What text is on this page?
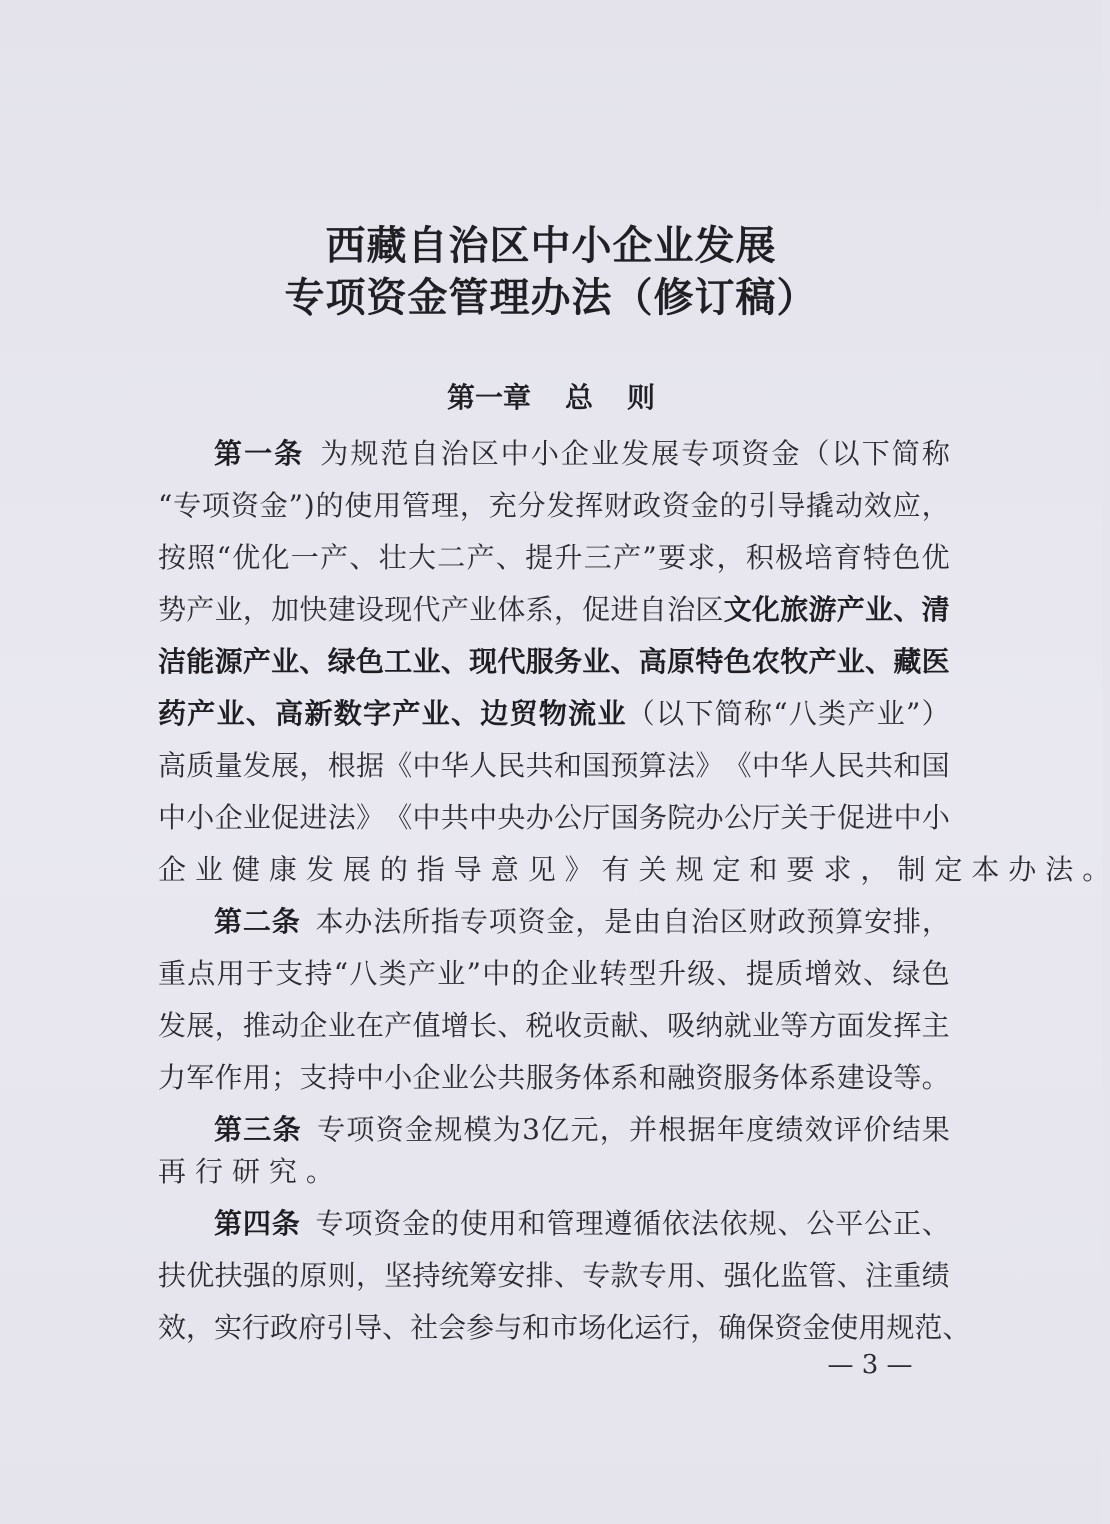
西藏自治区中小企业发展
专项资金管理办法（修订稿）
第一章 总 则
第 一 条 为 规 范 自 治 区 中 小 企 业 发 展 专 项 资 金 （ 以 下 简 称
“ 专 项 资 金 ” ) 的 使 用 管 理 ， 充 分 发 挥 财 政 资 金 的 引 导 撬 动 效 应 ，
按 照 “ 优 化 一 产 、 壮 大 二 产 、 提 升 三 产 ” 要 求 ， 积 极 培 育 特 色 优
势 产 业 ， 加 快 建 设 现 代 产 业 体 系 ， 促 进 自 治 区 文 化 旅 游 产 业 、 清
洁 能 源 产 业 、 绿 色 工 业 、 现 代 服 务 业 、 高 原 特 色 农 牧 产 业 、 藏 医
药 产 业 、 高 新 数 字 产 业 、 边 贸 物 流 业 （ 以 下 简 称 “ 八 类 产 业 ” ）
高 质 量 发 展 ， 根 据 《 中 华 人 民 共 和 国 预 算 法 》 《 中 华 人 民 共 和 国
中 小 企 业 促 进 法 》 《 中 共 中 央 办 公 厅 国 务 院 办 公 厅 关 于 促 进 中 小
企 业 健 康 发 展 的 指 导 意 见 》 有 关 规 定 和 要 求 ， 制 定 本 办 法 。
第 二 条 本 办 法 所 指 专 项 资 金 ， 是 由 自 治 区 财 政 预 算 安 排 ，
重 点 用 于 支 持 “ 八 类 产 业 ” 中 的 企 业 转 型 升 级 、 提 质 增 效 、 绿 色
发 展 ， 推 动 企 业 在 产 值 增 长 、 税 收 贡 献 、 吸 纳 就 业 等 方 面 发 挥 主
力 军 作 用 ； 支 持 中 小 企 业 公 共 服 务 体 系 和 融 资 服 务 体 系 建 设 等 。
第 三 条 专 项 资 金 规 模 为 3 亿 元 ， 并 根 据 年 度 绩 效 评 价 结 果
再 行 研 究 。
第 四 条 专 项 资 金 的 使 用 和 管 理 遵 循 依 法 依 规 、 公 平 公 正 、
扶 优 扶 强 的 原 则 ， 坚 持 统 筹 安 排 、 专 款 专 用 、 强 化 监 管 、 注 重 绩
效 ， 实 行 政 府 引 导 、 社 会 参 与 和 市 场 化 运 行 ， 确 保 资 金 使 用 规 范 、
— 3 —
